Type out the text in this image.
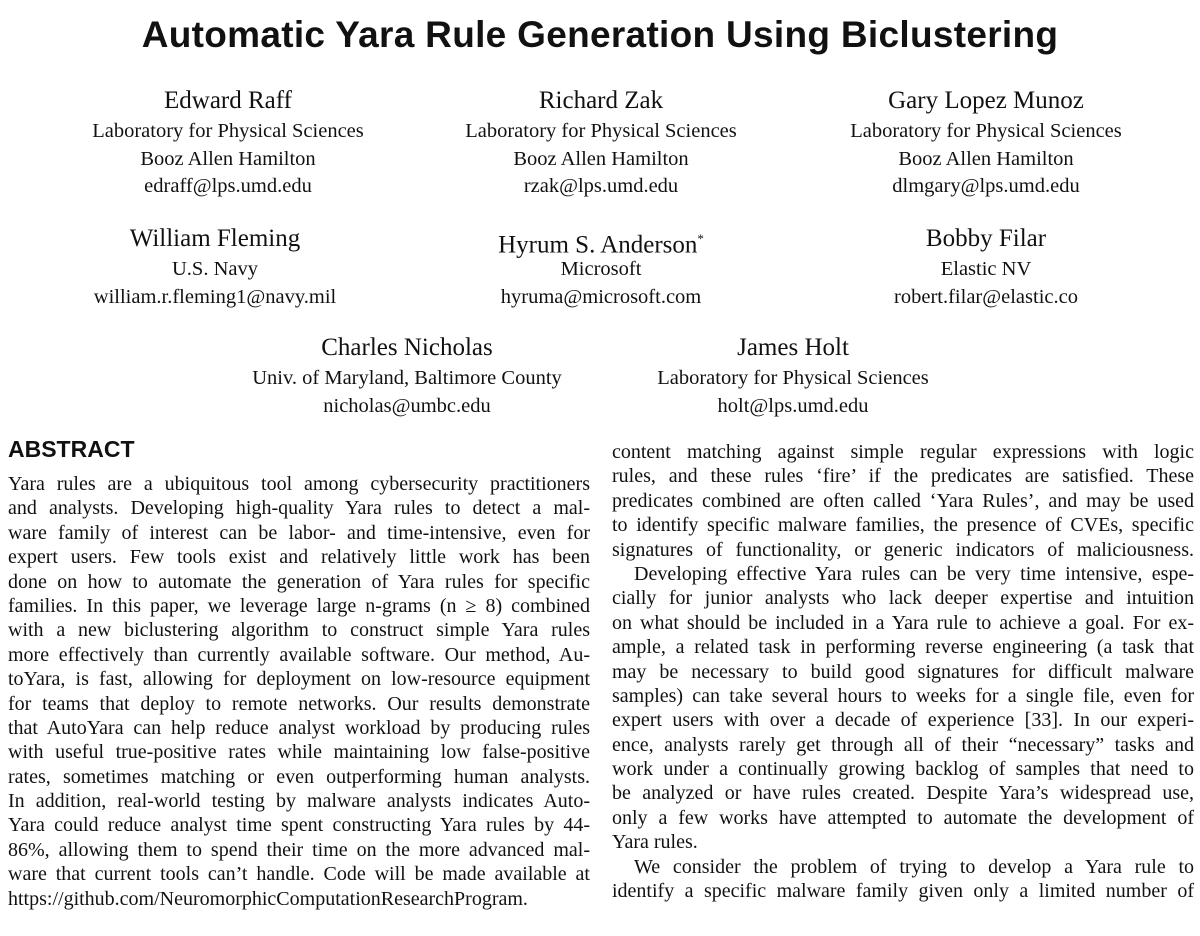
Automatic Yara Rule Generation Using Biclustering
Edward Raff
Laboratory for Physical Sciences
Booz Allen Hamilton
edraff@lps.umd.edu
Richard Zak
Laboratory for Physical Sciences
Booz Allen Hamilton
rzak@lps.umd.edu
Gary Lopez Munoz
Laboratory for Physical Sciences
Booz Allen Hamilton
dlmgary@lps.umd.edu
William Fleming
U.S. Navy
william.r.fleming1@navy.mil
Hyrum S. Anderson*
Microsoft
hyruma@microsoft.com
Bobby Filar
Elastic NV
robert.filar@elastic.co
Charles Nicholas
Univ. of Maryland, Baltimore County
nicholas@umbc.edu
James Holt
Laboratory for Physical Sciences
holt@lps.umd.edu
ABSTRACT
Yara rules are a ubiquitous tool among cybersecurity practitioners
and analysts. Developing high-quality Yara rules to detect a mal-
ware family of interest can be labor- and time-intensive, even for
expert users. Few tools exist and relatively little work has been
done on how to automate the generation of Yara rules for specific
families. In this paper, we leverage large n-grams (n ≥ 8) combined
with a new biclustering algorithm to construct simple Yara rules
more effectively than currently available software. Our method, Au-
toYara, is fast, allowing for deployment on low-resource equipment
for teams that deploy to remote networks. Our results demonstrate
that AutoYara can help reduce analyst workload by producing rules
with useful true-positive rates while maintaining low false-positive
rates, sometimes matching or even outperforming human analysts.
In addition, real-world testing by malware analysts indicates Auto-
Yara could reduce analyst time spent constructing Yara rules by 44-
86%, allowing them to spend their time on the more advanced mal-
ware that current tools can’t handle. Code will be made available at
https://github.com/NeuromorphicComputationResearchProgram.
content matching against simple regular expressions with logic
rules, and these rules ‘fire’ if the predicates are satisfied. These
predicates combined are often called ‘Yara Rules’, and may be used
to identify specific malware families, the presence of CVEs, specific
signatures of functionality, or generic indicators of maliciousness.
Developing effective Yara rules can be very time intensive, espe-
cially for junior analysts who lack deeper expertise and intuition
on what should be included in a Yara rule to achieve a goal. For ex-
ample, a related task in performing reverse engineering (a task that
may be necessary to build good signatures for difficult malware
samples) can take several hours to weeks for a single file, even for
expert users with over a decade of experience [33]. In our experi-
ence, analysts rarely get through all of their “necessary” tasks and
work under a continually growing backlog of samples that need to
be analyzed or have rules created. Despite Yara’s widespread use,
only a few works have attempted to automate the development of
Yara rules.
We consider the problem of trying to develop a Yara rule to
identify a specific malware family given only a limited number of
